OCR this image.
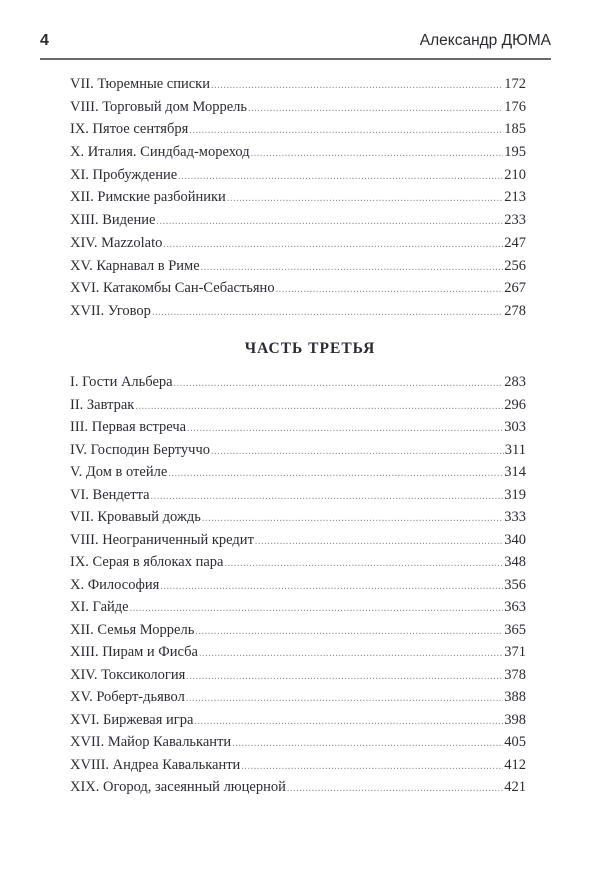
4	Александр ДЮМА
VII. Тюремные списки .....	172
VIII. Торговый дом Моррель .....	176
IX. Пятое сентября .....	185
X. Италия. Синдбад-мореход .....	195
XI. Пробуждение .....	210
XII. Римские разбойники .....	213
XIII. Видение .....	233
XIV. Mazzolato .....	247
XV. Карнавал в Риме .....	256
XVI. Катакомбы Сан-Себастьяно .....	267
XVII. Уговор .....	278
ЧАСТЬ ТРЕТЬЯ
I. Гости Альбера .....	283
II. Завтрак .....	296
III. Первая встреча .....	303
IV. Господин Бертуччо .....	311
V. Дом в отейле .....	314
VI. Вендетта .....	319
VII. Кровавый дождь .....	333
VIII. Неограниченный кредит .....	340
IX. Серая в яблоках пара .....	348
X. Философия .....	356
XI. Гайде .....	363
XII. Семья Моррель .....	365
XIII. Пирам и Фисба .....	371
XIV. Токсикология .....	378
XV. Роберт-дьявол .....	388
XVI. Биржевая игра .....	398
XVII. Майор Кавальканти .....	405
XVIII. Андреа Кавальканти .....	412
XIX. Огород, засеянный люцерной .....	421
